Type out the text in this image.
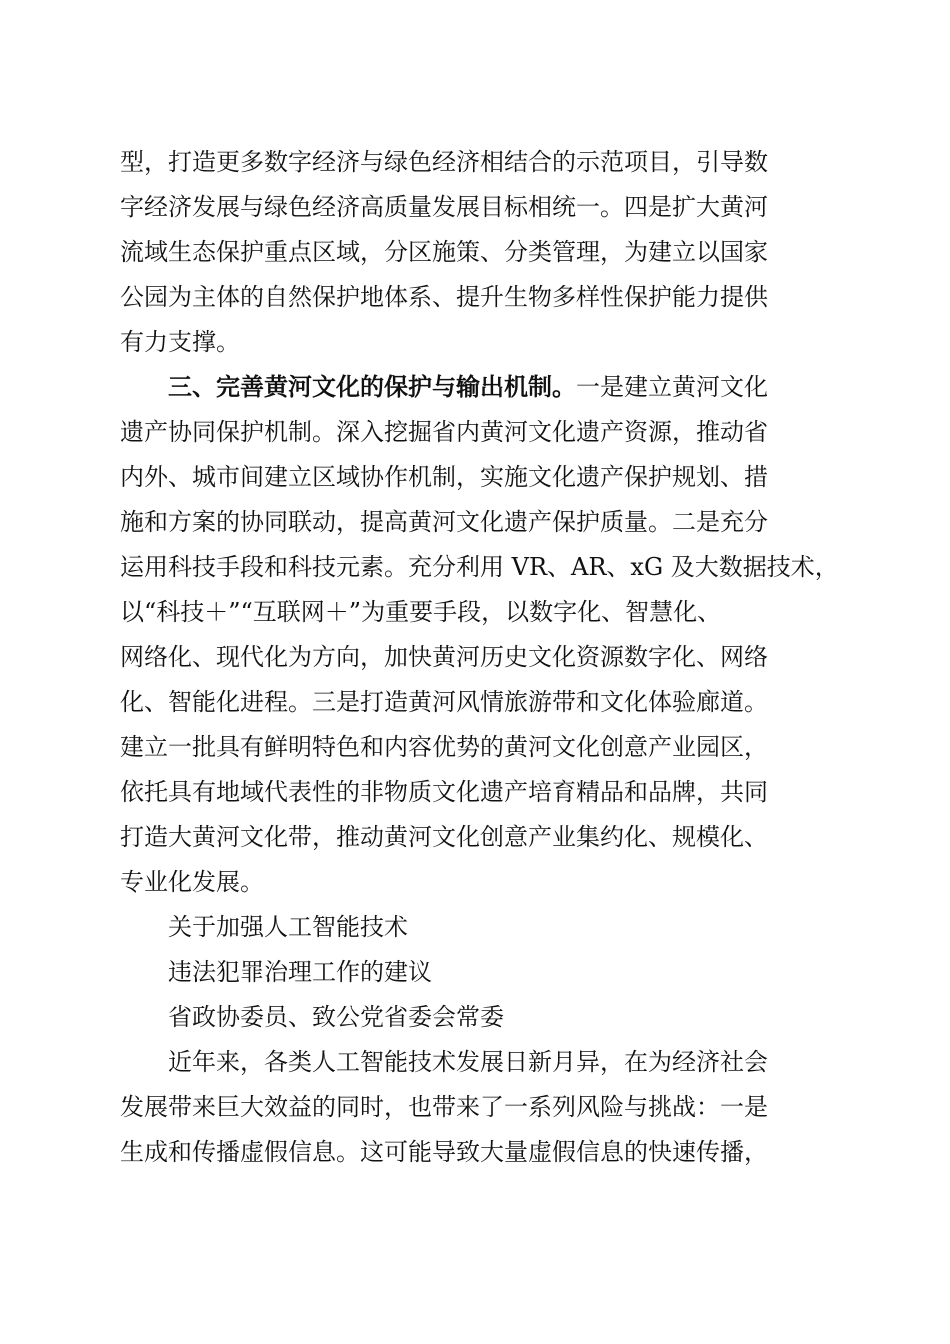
型，打造更多数字经济与绿色经济相结合的示范项目，引导数
字经济发展与绿色经济高质量发展目标相统一。四是扩大黄河
流域生态保护重点区域，分区施策、分类管理，为建立以国家
公园为主体的自然保护地体系、提升生物多样性保护能力提供
有力支撑。
三、完善黄河文化的保护与输出机制。一是建立黄河文化
遗产协同保护机制。深入挖掘省内黄河文化遗产资源，推动省
内外、城市间建立区域协作机制，实施文化遗产保护规划、措
施和方案的协同联动，提高黄河文化遗产保护质量。二是充分
运用科技手段和科技元素。充分利用 VR、AR、xG 及大数据技术，
以“科技＋”“互联网＋”为重要手段，以数字化、智慧化、
网络化、现代化为方向，加快黄河历史文化资源数字化、网络
化、智能化进程。三是打造黄河风情旅游带和文化体验廊道。
建立一批具有鲜明特色和内容优势的黄河文化创意产业园区，
依托具有地域代表性的非物质文化遗产培育精品和品牌，共同
打造大黄河文化带，推动黄河文化创意产业集约化、规模化、
专业化发展。
关于加强人工智能技术
违法犯罪治理工作的建议
省政协委员、致公党省委会常委
近年来，各类人工智能技术发展日新月异，在为经济社会
发展带来巨大效益的同时，也带来了一系列风险与挑战：一是
生成和传播虚假信息。这可能导致大量虚假信息的快速传播，
